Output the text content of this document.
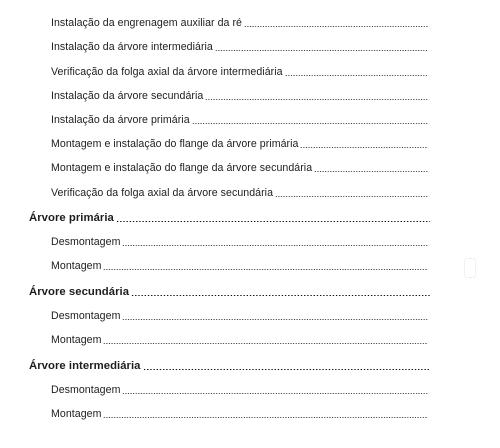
Instalação da engrenagem auxiliar da ré
Instalação da árvore intermediária
Verificação da folga axial da árvore intermediária
Instalação da árvore secundária
Instalação da árvore primária
Montagem e instalação do flange da árvore primária
Montagem e instalação do flange da árvore secundária
Verificação da folga axial da árvore secundária
Árvore primária
Desmontagem
Montagem
Árvore secundária
Desmontagem
Montagem
Árvore intermediária
Desmontagem
Montagem
